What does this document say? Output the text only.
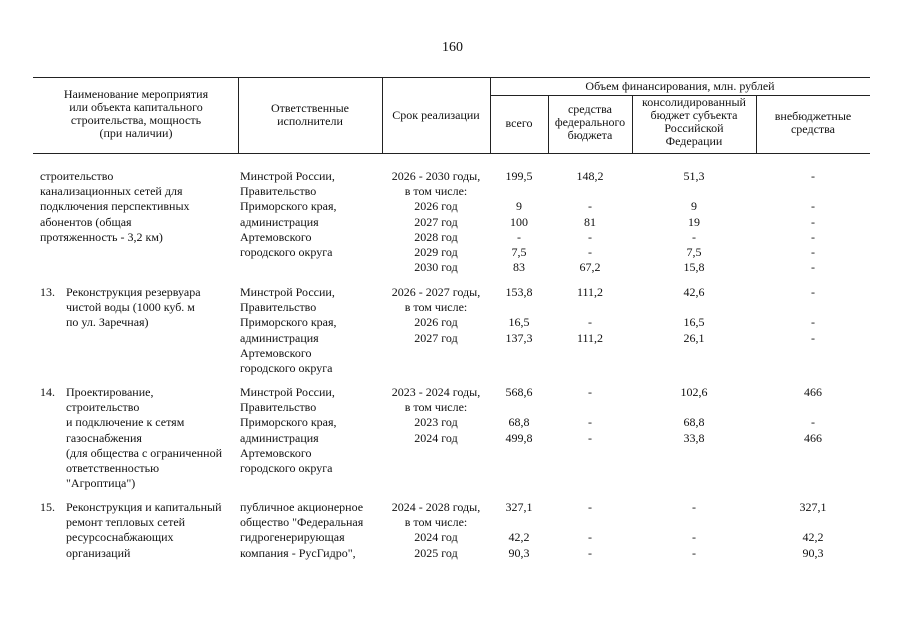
160
Наименование мероприятия
или объекта капитального
строительства, мощность
(при наличии)
Ответственные
исполнители	Срок реализации
Объем финансирования, млн. рублей
всего
средства
федерального
бюджета
консолидированный
бюджет субъекта
Российской
Федерации
внебюджетные
средства
строительство
канализационных сетей для
подключения перспективных
абонентов (общая
протяженность - 3,2 км)
Минстрой России,
Правительство
Приморского края,
администрация
Артемовского
городского округа
2026 - 2030 годы,
в том числе:
2026 год
2027 год
2028 год
2029 год
2030 год
199,5

9
100
-
7,5
83
148,2

-
81
-
-
67,2
51,3

9
19
-
7,5
15,8
-

-
-
-
-
-
13. Реконструкция резервуара
чистой воды (1000 куб. м
по ул. Заречная)
Минстрой России,
Правительство
Приморского края,
администрация
Артемовского
городского округа
2026 - 2027 годы,
в том числе:
2026 год
2027 год
153,8

16,5
137,3
111,2

-
111,2
42,6

16,5
26,1
-

-
-
14. Проектирование,
строительство
и подключение к сетям
газоснабжения
(для общества с ограниченной
ответственностью
"Агроптица")
Минстрой России,
Правительство
Приморского края,
администрация
Артемовского
городского округа
2023 - 2024 годы,
в том числе:
2023 год
2024 год
568,6

68,8
499,8
-

-
-
102,6

68,8
33,8
466

-
466
15. Реконструкция и капитальный
ремонт тепловых сетей
ресурсоснабжающих
организаций
публичное акционерное
общество "Федеральная
гидрогенерирующая
компания - РусГидро",
2024 - 2028 годы,
в том числе:
2024 год
2025 год
327,1

42,2
90,3
-

-
-
-

-
-
327,1

42,2
90,3
